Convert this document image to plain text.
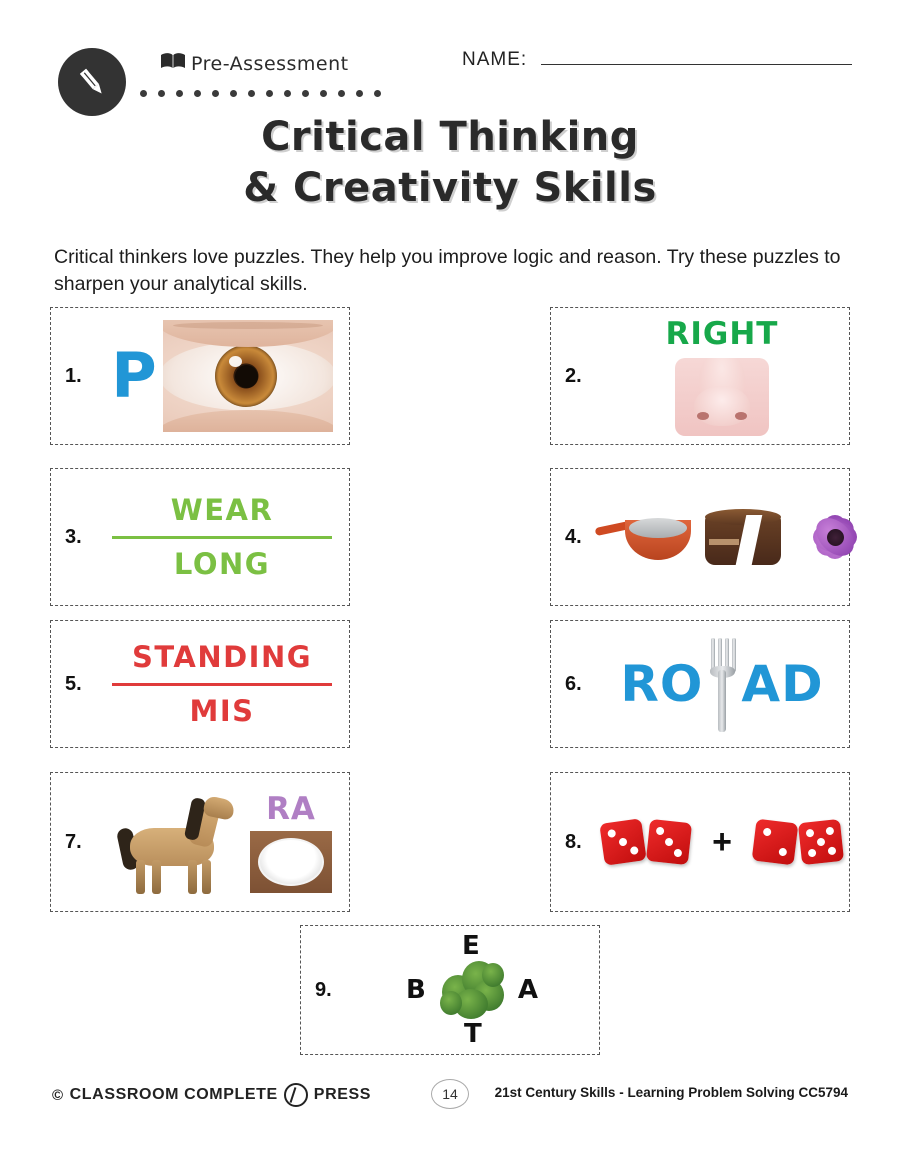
Pre-Assessment	NAME:
Critical Thinking
& Creativity Skills

Critical thinkers love puzzles. They help you improve logic and reason. Try these puzzles to sharpen your analytical skills.

1. P	2.
RIGHT
3.	$\frac{\text{WEAR}}{\text{LONG}}$	4.
5.	$\frac{\text{STANDING}}{\text{MIS}}$	6. RO AD
7.
RA
8.	+
9.
E
B	A
T
© CLASSROOM COMPLETE PRESS	14	21st Century Skills - Learning Problem Solving CC5794
